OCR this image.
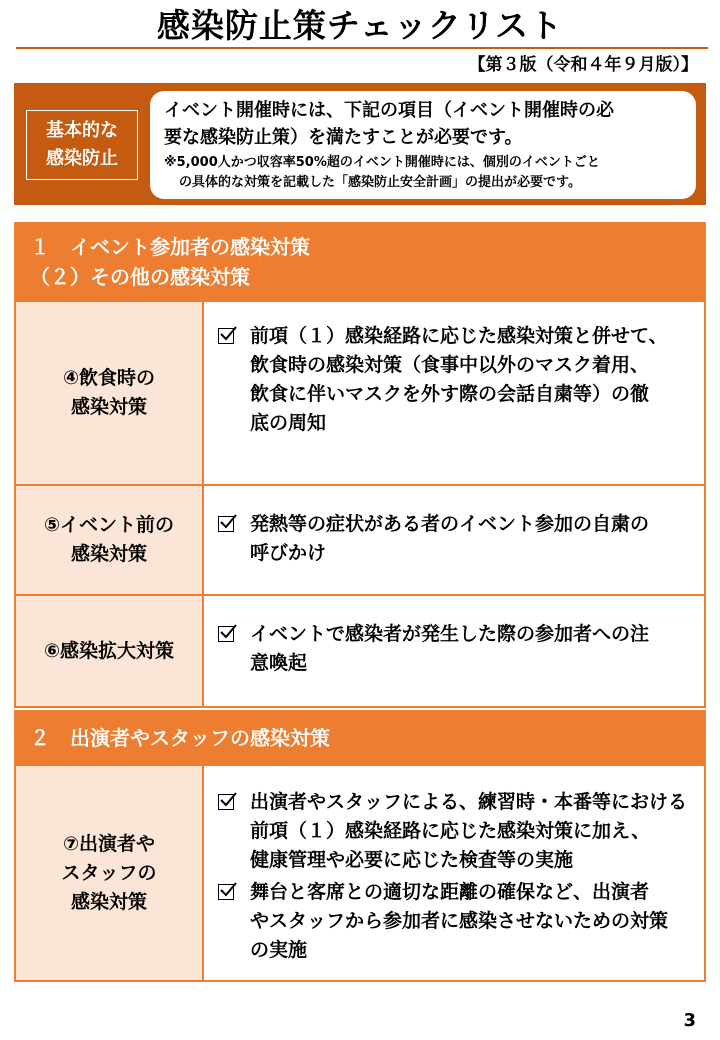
感染防止策チェックリスト
【第３版（令和４年９月版）】
基本的な
感染防止
イベント開催時には、下記の項目（イベント開催時の必
要な感染防止策）を満たすことが必要です。
※5,000人かつ収容率50%超のイベント開催時には、個別のイベントごと
の具体的な対策を記載した「感染防止安全計画」の提出が必要です。
１　イベント参加者の感染対策
（２）その他の感染対策
④飲食時の
感染対策
前項（１）感染経路に応じた感染対策と併せて、
飲食時の感染対策（食事中以外のマスク着用、
飲食に伴いマスクを外す際の会話自粛等）の徹
底の周知
⑤イベント前の
感染対策
発熱等の症状がある者のイベント参加の自粛の
呼びかけ
⑥感染拡大対策
イベントで感染者が発生した際の参加者への注
意喚起
２　出演者やスタッフの感染対策
⑦出演者や
スタッフの
感染対策
出演者やスタッフによる、練習時・本番等における
前項（１）感染経路に応じた感染対策に加え、
健康管理や必要に応じた検査等の実施
舞台と客席との適切な距離の確保など、出演者
やスタッフから参加者に感染させないための対策
の実施
3
